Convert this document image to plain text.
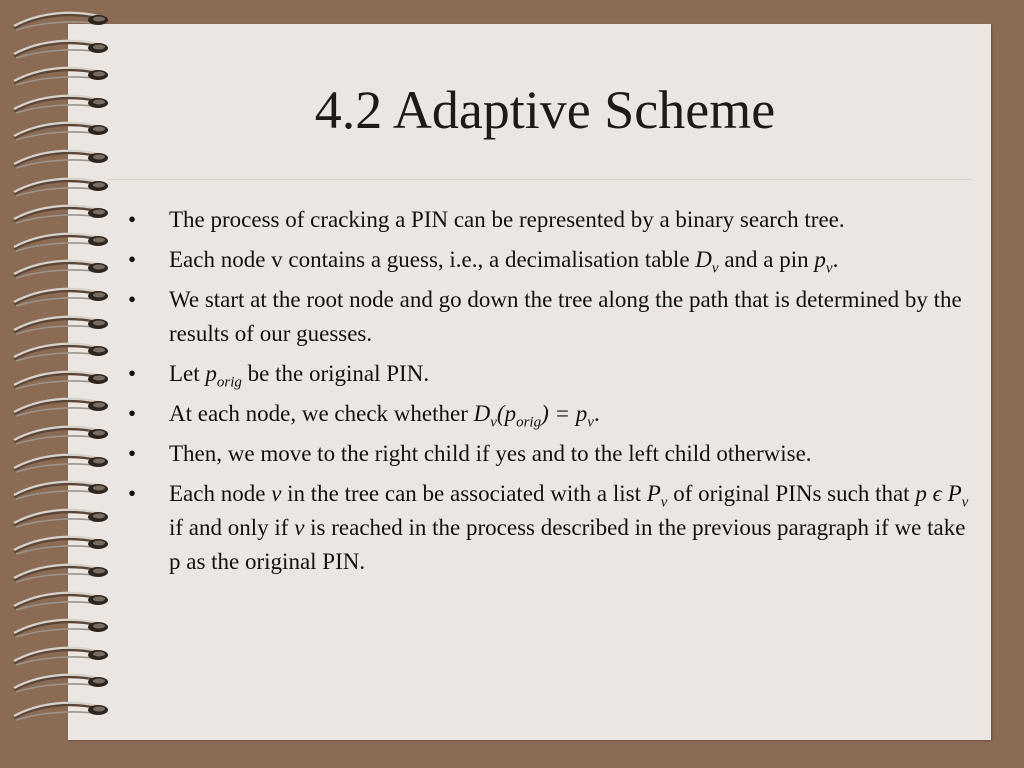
4.2 Adaptive Scheme
• The process of cracking a PIN can be represented by a binary search tree.
• Each node v contains a guess, i.e., a decimalisation table $D_v$ and a pin $p_v$.
• We start at the root node and go down the tree along the path that is determined by the results of our guesses.
• Let $p_{orig}$ be the original PIN.
• At each node, we check whether $D_v(p_{orig}) = p_v$.
• Then, we move to the right child if yes and to the left child otherwise.
• Each node v in the tree can be associated with a list $P_v$ of original PINs such that p ϵ $P_v$ if and only if v is reached in the process described in the previous paragraph if we take p as the original PIN.
